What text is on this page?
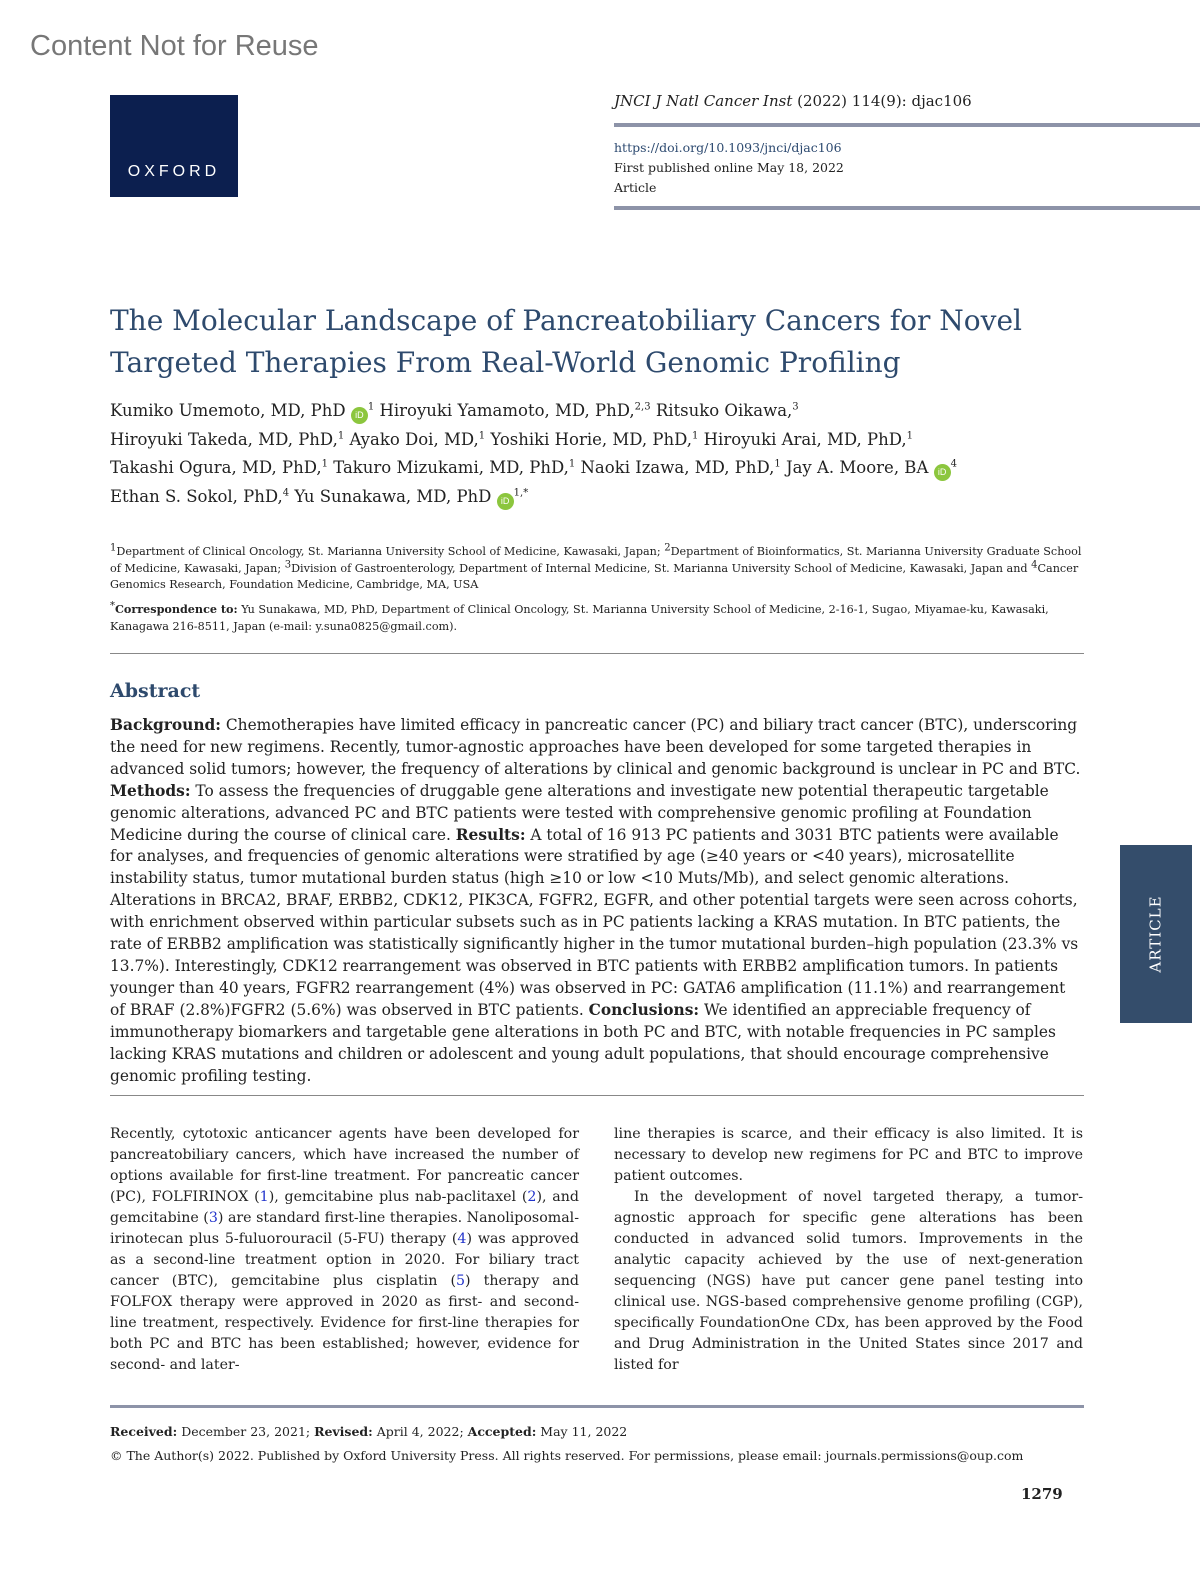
Content Not for Reuse
OXFORD
JNCI J Natl Cancer Inst (2022) 114(9): djac106
https://doi.org/10.1093/jnci/djac106
First published online May 18, 2022
Article
The Molecular Landscape of Pancreatobiliary Cancers for Novel Targeted Therapies From Real-World Genomic Profiling
Kumiko Umemoto, MD, PhD $iD^1$ Hiroyuki Yamamoto, MD, PhD,$^{2,3}$ Ritsuko Oikawa,$^3$
Hiroyuki Takeda, MD, PhD,$^1$ Ayako Doi, MD,$^1$ Yoshiki Horie, MD, PhD,$^1$ Hiroyuki Arai, MD, PhD,$^1$
Takashi Ogura, MD, PhD,$^1$ Takuro Mizukami, MD, PhD,$^1$ Naoki Izawa, MD, PhD,$^1$ Jay A. Moore, BA $iD^4$
Ethan S. Sokol, PhD,$^4$ Yu Sunakawa, MD, PhD $iD^{1,*}$
$^1$Department of Clinical Oncology, St. Marianna University School of Medicine, Kawasaki, Japan; $^2$Department of Bioinformatics, St. Marianna University Graduate School of Medicine, Kawasaki, Japan; $^3$Division of Gastroenterology, Department of Internal Medicine, St. Marianna University School of Medicine, Kawasaki, Japan and $^4$Cancer Genomics Research, Foundation Medicine, Cambridge, MA, USA
*Correspondence to: Yu Sunakawa, MD, PhD, Department of Clinical Oncology, St. Marianna University School of Medicine, 2-16-1, Sugao, Miyamae-ku, Kawasaki, Kanagawa 216-8511, Japan (e-mail: y.suna0825@gmail.com).
Abstract
Background: Chemotherapies have limited efficacy in pancreatic cancer (PC) and biliary tract cancer (BTC), underscoring the need for new regimens. Recently, tumor-agnostic approaches have been developed for some targeted therapies in advanced solid tumors; however, the frequency of alterations by clinical and genomic background is unclear in PC and BTC. Methods: To assess the frequencies of druggable gene alterations and investigate new potential therapeutic targetable genomic alterations, advanced PC and BTC patients were tested with comprehensive genomic profiling at Foundation Medicine during the course of clinical care. Results: A total of 16 913 PC patients and 3031 BTC patients were available for analyses, and frequencies of genomic alterations were stratified by age (≥40 years or <40 years), microsatellite instability status, tumor mutational burden status (high ≥10 or low <10 Muts/Mb), and select genomic alterations. Alterations in BRCA2, BRAF, ERBB2, CDK12, PIK3CA, FGFR2, EGFR, and other potential targets were seen across cohorts, with enrichment observed within particular subsets such as in PC patients lacking a KRAS mutation. In BTC patients, the rate of ERBB2 amplification was statistically significantly higher in the tumor mutational burden–high population (23.3% vs 13.7%). Interestingly, CDK12 rearrangement was observed in BTC patients with ERBB2 amplification tumors. In patients younger than 40 years, FGFR2 rearrangement (4%) was observed in PC: GATA6 amplification (11.1%) and rearrangement of BRAF (2.8%)FGFR2 (5.6%) was observed in BTC patients. Conclusions: We identified an appreciable frequency of immunotherapy biomarkers and targetable gene alterations in both PC and BTC, with notable frequencies in PC samples lacking KRAS mutations and children or adolescent and young adult populations, that should encourage comprehensive genomic profiling testing.
Recently, cytotoxic anticancer agents have been developed for pancreatobiliary cancers, which have increased the number of options available for first-line treatment. For pancreatic cancer (PC), FOLFIRINOX (1), gemcitabine plus nab-paclitaxel (2), and gemcitabine (3) are standard first-line therapies. Nanoliposomal-irinotecan plus 5-fuluorouracil (5-FU) therapy (4) was approved as a second-line treatment option in 2020. For biliary tract cancer (BTC), gemcitabine plus cisplatin (5) therapy and FOLFOX therapy were approved in 2020 as first- and second-line treatment, respectively. Evidence for first-line therapies for both PC and BTC has been established; however, evidence for second- and later-
line therapies is scarce, and their efficacy is also limited. It is necessary to develop new regimens for PC and BTC to improve patient outcomes.
In the development of novel targeted therapy, a tumor-agnostic approach for specific gene alterations has been conducted in advanced solid tumors. Improvements in the analytic capacity achieved by the use of next-generation sequencing (NGS) have put cancer gene panel testing into clinical use. NGS-based comprehensive genome profiling (CGP), specifically FoundationOne CDx, has been approved by the Food and Drug Administration in the United States since 2017 and listed for
Received: December 23, 2021; Revised: April 4, 2022; Accepted: May 11, 2022
© The Author(s) 2022. Published by Oxford University Press. All rights reserved. For permissions, please email: journals.permissions@oup.com
1279
ARTICLE
